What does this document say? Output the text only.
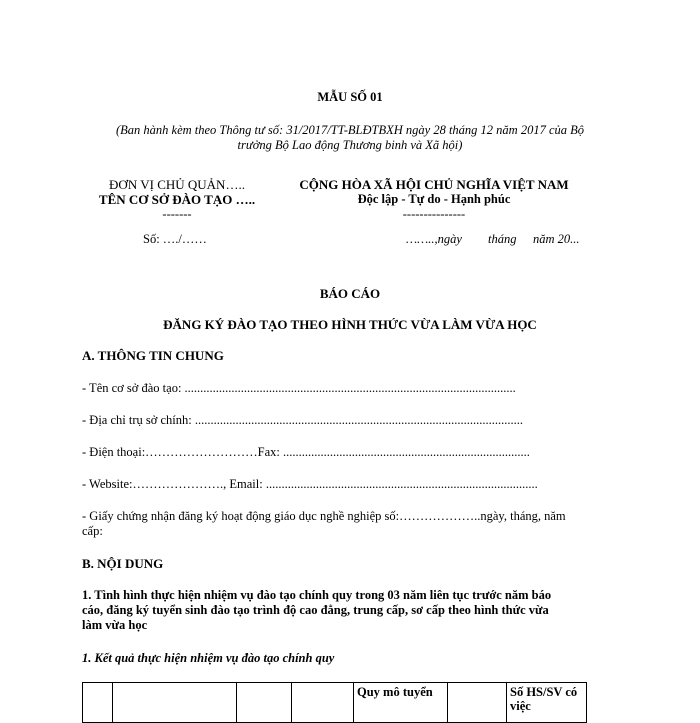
MẪU SỐ 01
(Ban hành kèm theo Thông tư số: 31/2017/TT-BLĐTBXH ngày 28 tháng 12 năm 2017 của Bộ
trưởng Bộ Lao động Thương binh và Xã hội)
ĐƠN VỊ CHỦ QUẢN…..
TÊN CƠ SỞ ĐÀO TẠO …..
-------
Số: …./……
CỘNG HÒA XÃ HỘI CHỦ NGHĨA VIỆT NAM
Độc lập - Tự do - Hạnh phúc
---------------
……..,ngày tháng năm 20...
BÁO CÁO
ĐĂNG KÝ ĐÀO TẠO THEO HÌNH THỨC VỪA LÀM VỪA HỌC
A. THÔNG TIN CHUNG
- Tên cơ sở đào tạo: ..........................................................................................................
- Địa chỉ trụ sở chính: .........................................................................................................
- Điện thoại:………………………Fax: ...............................................................................
- Website:…………………., Email: .......................................................................................
- Giấy chứng nhận đăng ký hoạt động giáo dục nghề nghiệp số:………………..ngày, tháng, năm
cấp:
B. NỘI DUNG
1. Tình hình thực hiện nhiệm vụ đào tạo chính quy trong 03 năm liên tục trước năm báo
cáo, đăng ký tuyển sinh đào tạo trình độ cao đẳng, trung cấp, sơ cấp theo hình thức vừa
làm vừa học
1. Kết quả thực hiện nhiệm vụ đào tạo chính quy
				Quy mô tuyển		Số HS/SV có việc
